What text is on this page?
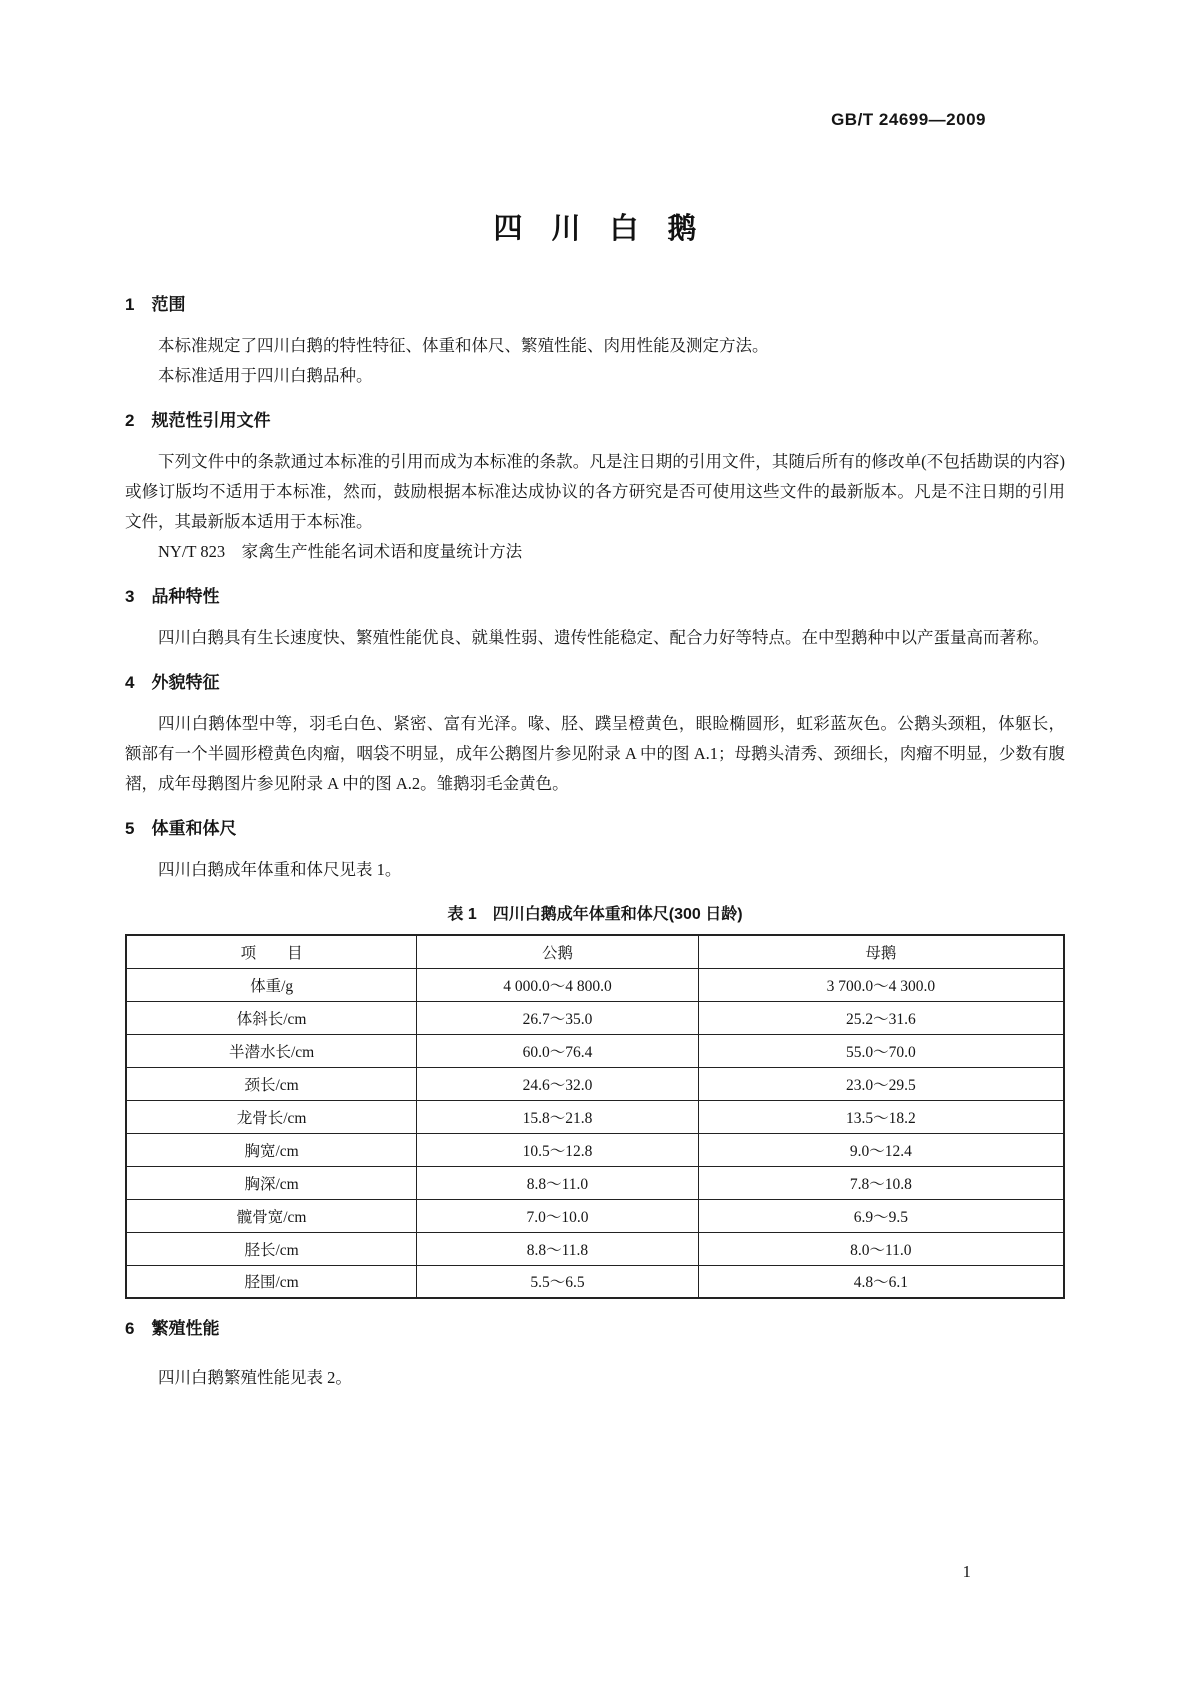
GB/T 24699—2009
四　川　白　鹅
1　范围

本标准规定了四川白鹅的特性特征、体重和体尺、繁殖性能、肉用性能及测定方法。

本标准适用于四川白鹅品种。

2　规范性引用文件

下列文件中的条款通过本标准的引用而成为本标准的条款。凡是注日期的引用文件，其随后所有的修改单(不包括勘误的内容)或修订版均不适用于本标准，然而，鼓励根据本标准达成协议的各方研究是否可使用这些文件的最新版本。凡是不注日期的引用文件，其最新版本适用于本标准。

NY/T 823　家禽生产性能名词术语和度量统计方法

3　品种特性

四川白鹅具有生长速度快、繁殖性能优良、就巢性弱、遗传性能稳定、配合力好等特点。在中型鹅种中以产蛋量高而著称。

4　外貌特征

四川白鹅体型中等，羽毛白色、紧密、富有光泽。喙、胫、蹼呈橙黄色，眼睑椭圆形，虹彩蓝灰色。公鹅头颈粗，体躯长，额部有一个半圆形橙黄色肉瘤，咽袋不明显，成年公鹅图片参见附录 A 中的图 A.1；母鹅头清秀、颈细长，肉瘤不明显，少数有腹褶，成年母鹅图片参见附录 A 中的图 A.2。雏鹅羽毛金黄色。

5　体重和体尺

四川白鹅成年体重和体尺见表 1。

表 1　四川白鹅成年体重和体尺(300 日龄)
项　　目	公鹅	母鹅
体重/g	4 000.0～4 800.0	3 700.0～4 300.0
体斜长/cm	26.7～35.0	25.2～31.6
半潜水长/cm	60.0～76.4	55.0～70.0
颈长/cm	24.6～32.0	23.0～29.5
龙骨长/cm	15.8～21.8	13.5～18.2
胸宽/cm	10.5～12.8	9.0～12.4
胸深/cm	8.8～11.0	7.8～10.8
髋骨宽/cm	7.0～10.0	6.9～9.5
胫长/cm	8.8～11.8	8.0～11.0
胫围/cm	5.5～6.5	4.8～6.1
6　繁殖性能

四川白鹅繁殖性能见表 2。

1
